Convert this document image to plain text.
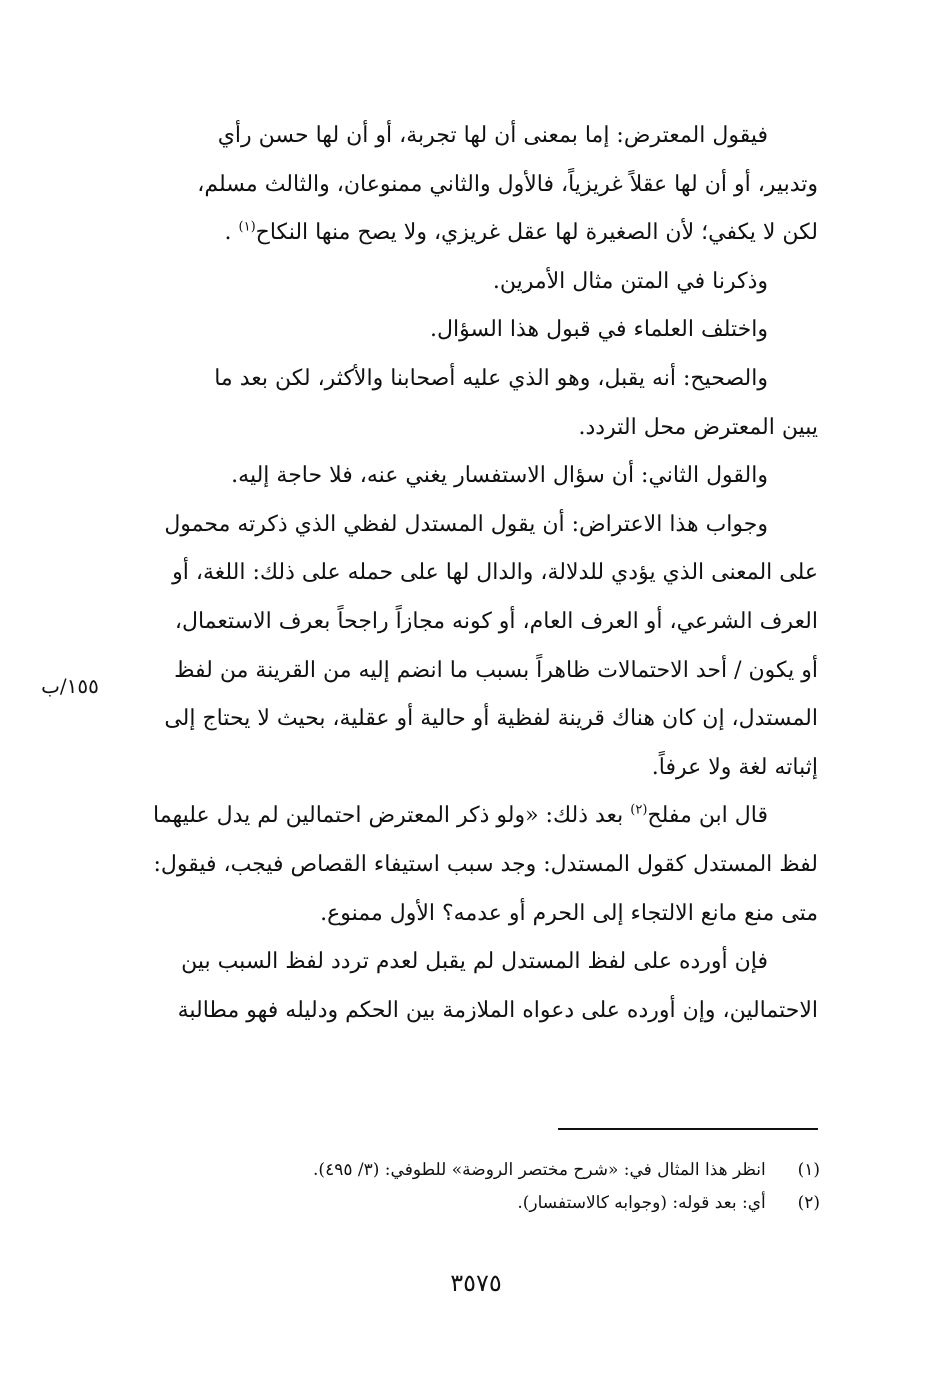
فيقول المعترض: إما بمعنى أن لها تجربة، أو أن لها حسن رأي
وتدبير، أو أن لها عقلاً غريزياً، فالأول والثاني ممنوعان، والثالث مسلم،
لكن لا يكفي؛ لأن الصغيرة لها عقل غريزي، ولا يصح منها النكاح$^{(١)}$ .

وذكرنا في المتن مثال الأمرين.

واختلف العلماء في قبول هذا السؤال.

والصحيح: أنه يقبل، وهو الذي عليه أصحابنا والأكثر، لكن بعد ما
يبين المعترض محل التردد.

والقول الثاني: أن سؤال الاستفسار يغني عنه، فلا حاجة إليه.

وجواب هذا الاعتراض: أن يقول المستدل لفظي الذي ذكرته محمول
على المعنى الذي يؤدي للدلالة، والدال لها على حمله على ذلك: اللغة، أو
العرف الشرعي، أو العرف العام، أو كونه مجازاً راجحاً بعرف الاستعمال،
أو يكون / أحد الاحتمالات ظاهراً بسبب ما انضم إليه من القرينة من لفظ
المستدل، إن كان هناك قرينة لفظية أو حالية أو عقلية، بحيث لا يحتاج إلى
إثباته لغة ولا عرفاً.

قال ابن مفلح$^{(٢)}$ بعد ذلك: «ولو ذكر المعترض احتمالين لم يدل عليهما
لفظ المستدل كقول المستدل: وجد سبب استيفاء القصاص فيجب، فيقول:
متى منع مانع الالتجاء إلى الحرم أو عدمه؟ الأول ممنوع.

فإن أورده على لفظ المستدل لم يقبل لعدم تردد لفظ السبب بين
الاحتمالين، وإن أورده على دعواه الملازمة بين الحكم ودليله فهو مطالبة

١٥٥/ب
(١)   انظر هذا المثال في: «شرح مختصر الروضة» للطوفي: (٣/ ٤٩٥).
(٢)   أي: بعد قوله: (وجوابه كالاستفسار).
٣٥٧٥
